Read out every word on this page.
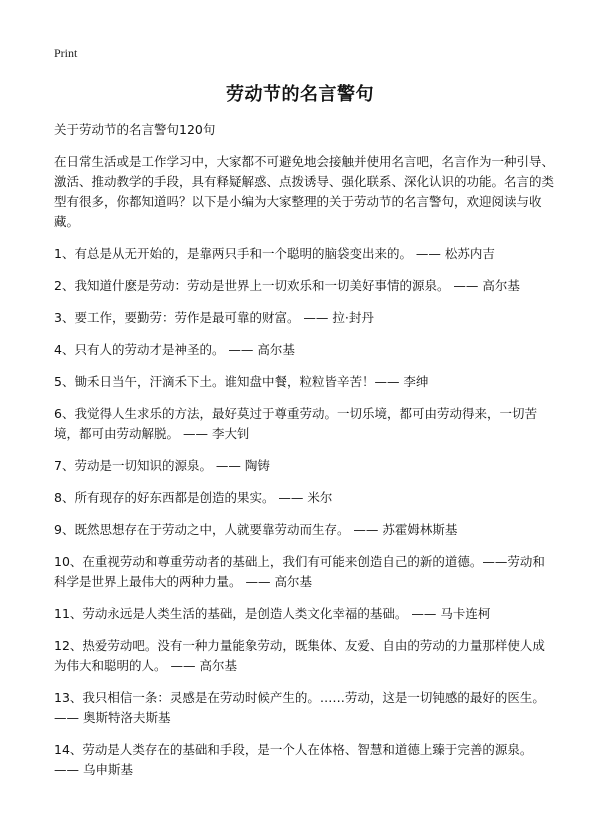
Print
劳动节的名言警句

关于劳动节的名言警句120句

在日常生活或是工作学习中，大家都不可避免地会接触并使用名言吧，名言作为一种引导、激活、推动教学的手段，具有释疑解惑、点拨诱导、强化联系、深化认识的功能。名言的类型有很多，你都知道吗？以下是小编为大家整理的关于劳动节的名言警句，欢迎阅读与收藏。

1、有总是从无开始的，是靠两只手和一个聪明的脑袋变出来的。 —— 松苏内吉

2、我知道什麽是劳动：劳动是世界上一切欢乐和一切美好事情的源泉。 —— 高尔基

3、要工作，要勤劳：劳作是最可靠的财富。 —— 拉·封丹

4、只有人的劳动才是神圣的。 —— 高尔基

5、锄禾日当午，汗滴禾下土。谁知盘中餐，粒粒皆辛苦！—— 李绅

6、我觉得人生求乐的方法，最好莫过于尊重劳动。一切乐境，都可由劳动得来，一切苦境，都可由劳动解脱。 —— 李大钊

7、劳动是一切知识的源泉。 —— 陶铸

8、所有现存的好东西都是创造的果实。 —— 米尔

9、既然思想存在于劳动之中，人就要靠劳动而生存。 —— 苏霍姆林斯基

10、在重视劳动和尊重劳动者的基础上，我们有可能来创造自己的新的道德。——劳动和科学是世界上最伟大的两种力量。 —— 高尔基

11、劳动永远是人类生活的基础，是创造人类文化幸福的基础。 —— 马卡连柯

12、热爱劳动吧。没有一种力量能象劳动，既集体、友爱、自由的劳动的力量那样使人成为伟大和聪明的人。 —— 高尔基

13、我只相信一条：灵感是在劳动时候产生的。……劳动，这是一切钝感的最好的医生。 —— 奥斯特洛夫斯基

14、劳动是人类存在的基础和手段，是一个人在体格、智慧和道德上臻于完善的源泉。 —— 乌申斯基
